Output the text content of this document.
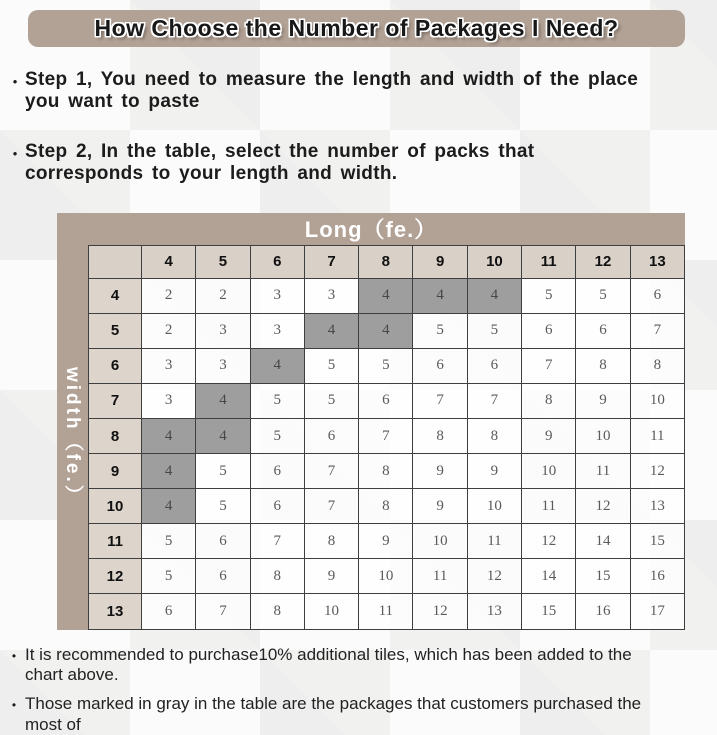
How Choose the Number of Packages I Need?
• Step 1, You need to measure the length and width of the place you want to paste
• Step 2, In the table, select the number of packs that corresponds to your length and width.
Long（fe.）
width（fe.）
	4	5	6	7	8	9	10	11	12	13
4	2	2	3	3	4	4	4	5	5	6
5	2	3	3	4	4	5	5	6	6	7
6	3	3	4	5	5	6	6	7	8	8
7	3	4	5	5	6	7	7	8	9	10
8	4	4	5	6	7	8	8	9	10	11
9	4	5	6	7	8	9	9	10	11	12
10	4	5	6	7	8	9	10	11	12	13
11	5	6	7	8	9	10	11	12	14	15
12	5	6	8	9	10	11	12	14	15	16
13	6	7	8	10	11	12	13	15	16	17
• It is recommended to purchase10% additional tiles, which has been added to the chart above.
• Those marked in gray in the table are the packages that customers purchased the most of
